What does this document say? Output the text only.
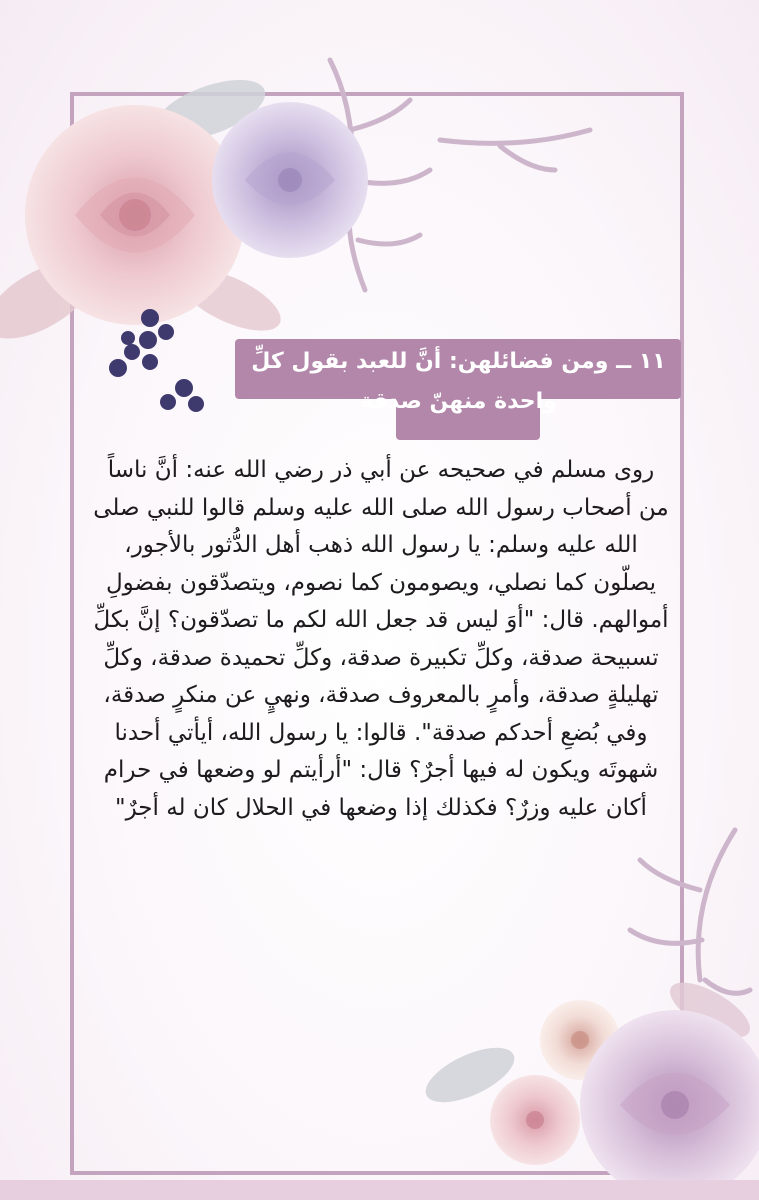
١١ ــ ومن فضائلهن: أنَّ للعبد بقول كلِّ واحدة منهنّ صدقة

روى مسلم في صحيحه عن أبي ذر رضي الله عنه: أنَّ ناساً من أصحاب رسول الله صلى الله عليه وسلم قالوا للنبي صلى الله عليه وسلم: يا رسول الله ذهب أهل الدُّثور بالأجور، يصلّون كما نصلي، ويصومون كما نصوم، ويتصدّقون بفضولِ أموالهم. قال: "أوَ ليس قد جعل الله لكم ما تصدّقون؟ إنَّ بكلِّ تسبيحة صدقة، وكلِّ تكبيرة صدقة، وكلِّ تحميدة صدقة، وكلِّ تهليلةٍ صدقة، وأمرٍ بالمعروف صدقة، ونهيٍ عن منكرٍ صدقة، وفي بُضعِ أحدكم صدقة". قالوا: يا رسول الله، أيأتي أحدنا شهوتَه ويكون له فيها أجرٌ؟ قال: "أرأيتم لو وضعها في حرام أكان عليه وزرٌ؟ فكذلك إذا وضعها في الحلال كان له أجرٌ"
